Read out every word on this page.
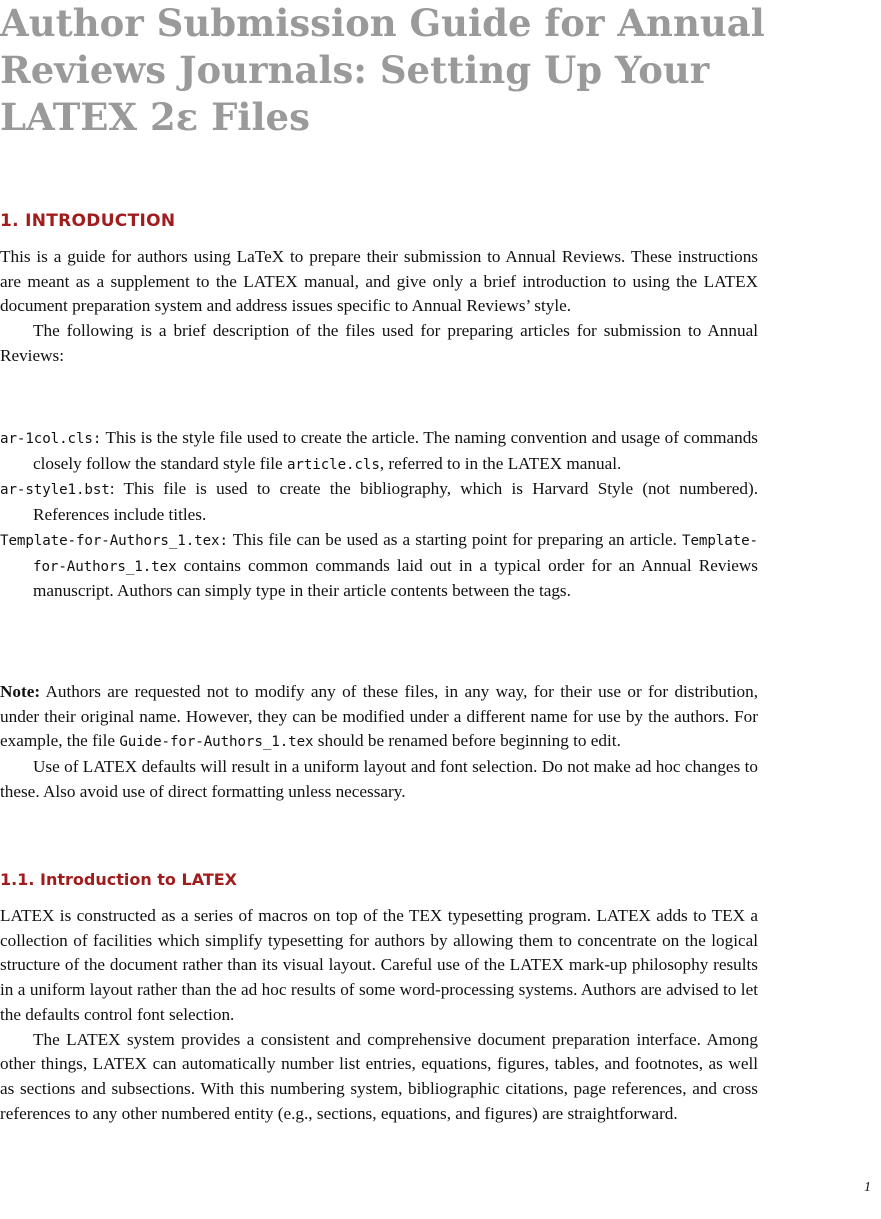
Author Submission Guide for Annual Reviews Journals: Setting Up Your LATEX 2ε Files
1. INTRODUCTION

This is a guide for authors using LaTeX to prepare their submission to Annual Reviews. These instructions are meant as a supplement to the LATEX manual, and give only a brief introduction to using the LATEX document preparation system and address issues specific to Annual Reviews’ style.

The following is a brief description of the files used for preparing articles for submission to Annual Reviews:

ar-1col.cls: This is the style file used to create the article. The naming convention and usage of commands closely follow the standard style file article.cls, referred to in the LATEX manual.

ar-style1.bst: This file is used to create the bibliography, which is Harvard Style (not numbered). References include titles.

Template-for-Authors_1.tex: This file can be used as a starting point for preparing an article. Template-for-Authors_1.tex contains common commands laid out in a typical order for an Annual Reviews manuscript. Authors can simply type in their article contents between the tags.

Note: Authors are requested not to modify any of these files, in any way, for their use or for distribution, under their original name. However, they can be modified under a different name for use by the authors. For example, the file Guide-for-Authors_1.tex should be renamed before beginning to edit.

Use of LATEX defaults will result in a uniform layout and font selection. Do not make ad hoc changes to these. Also avoid use of direct formatting unless necessary.

1.1. Introduction to LATEX

LATEX is constructed as a series of macros on top of the TEX typesetting program. LATEX adds to TEX a collection of facilities which simplify typesetting for authors by allowing them to concentrate on the logical structure of the document rather than its visual layout. Careful use of the LATEX mark-up philosophy results in a uniform layout rather than the ad hoc results of some word-processing systems. Authors are advised to let the defaults control font selection.

The LATEX system provides a consistent and comprehensive document preparation interface. Among other things, LATEX can automatically number list entries, equations, figures, tables, and footnotes, as well as sections and subsections. With this numbering system, bibliographic citations, page references, and cross references to any other numbered entity (e.g., sections, equations, and figures) are straightforward.

1
